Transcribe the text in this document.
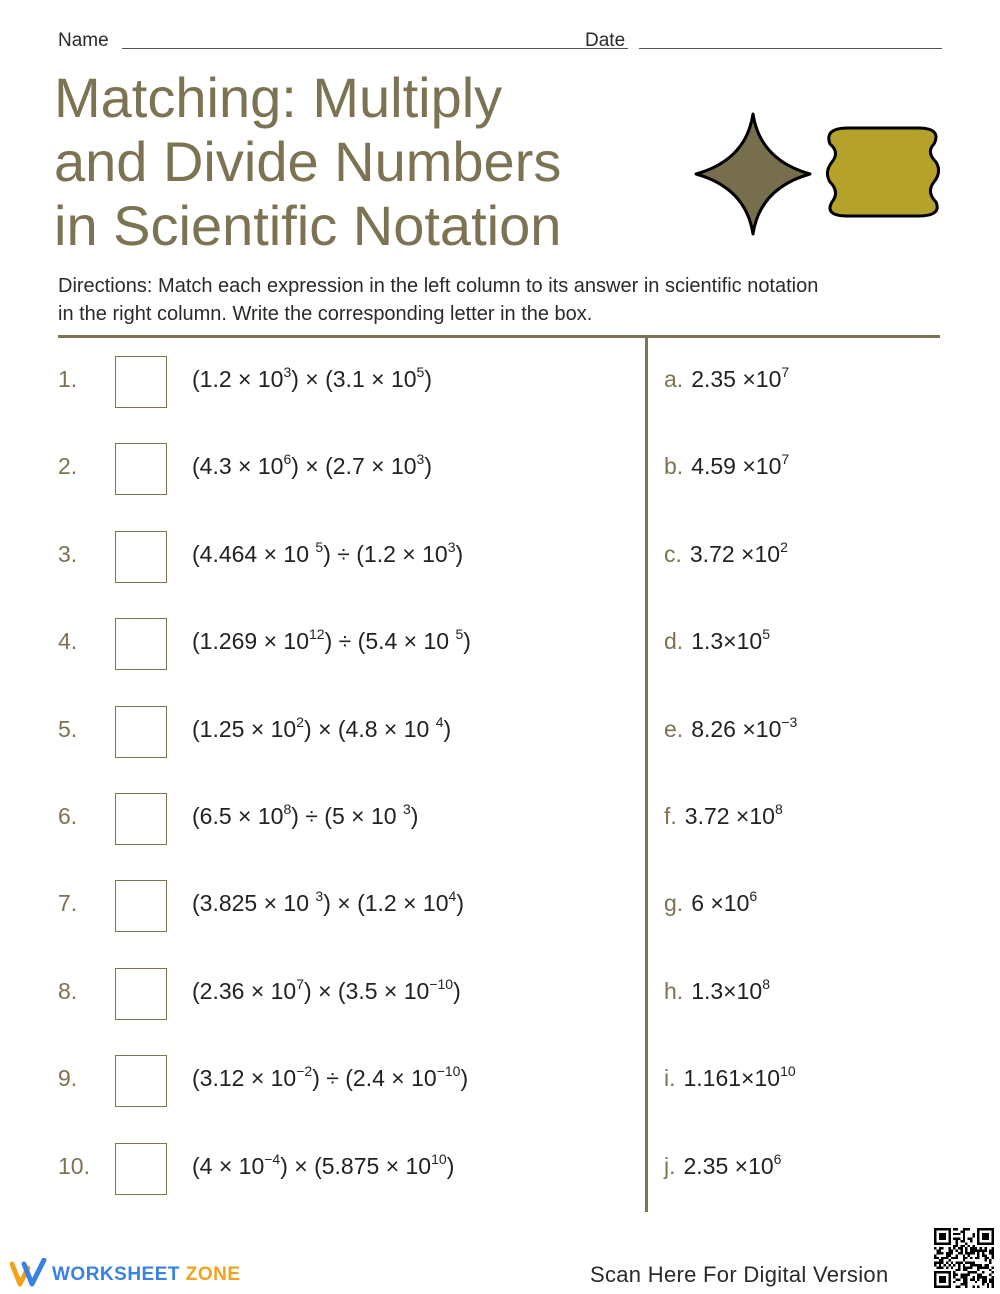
Name	Date
Matching: Multiply
and Divide Numbers
in Scientific Notation
Directions: Match each expression in the left column to its answer in scientific notation
in the right column. Write the corresponding letter in the box.
1.	$(1.2 \times 10^3) \times (3.1 \times 10^5)$
2.	$(4.3 \times 10^6) \times (2.7 \times 10^3)$
3.	(4.464 × 10 $^5) \div (1.2 \times 10^3)$
4.	$(1.269 \times 10^{12}) \div (5.4 \times 10$ $^5$)
5.	$(1.25 \times 10^2) \times (4.8 \times 10$ $^4$)
6.	$(6.5 \times 10^8) \div (5 \times 10$ $^3$)
7.	(3.825 × 10 $^3) \times (1.2 \times 10^4)$
8.	$(2.36 \times 10^7) \times (3.5 \times 10^{-10})$
9.	$(3.12 \times 10^{-2}) \div (2.4 \times 10^{-10})$
10.	$(4 \times 10^{-4}) \times (5.875 \times 10^{10})$
a. $2.35 \times 10^7$
b. $4.59 \times 10^7$
c. $3.72 \times 10^2$
d. $1.3\times 10^5$
e. $8.26 \times 10^{-3}$
f. $3.72 \times 10^8$
g. $6 \times 10^6$
h. $1.3\times 10^8$
i. $1.161\times 10^{10}$
j. $2.35 \times 10^6$
WORKSHEET ZONE	Scan Here For Digital Version
